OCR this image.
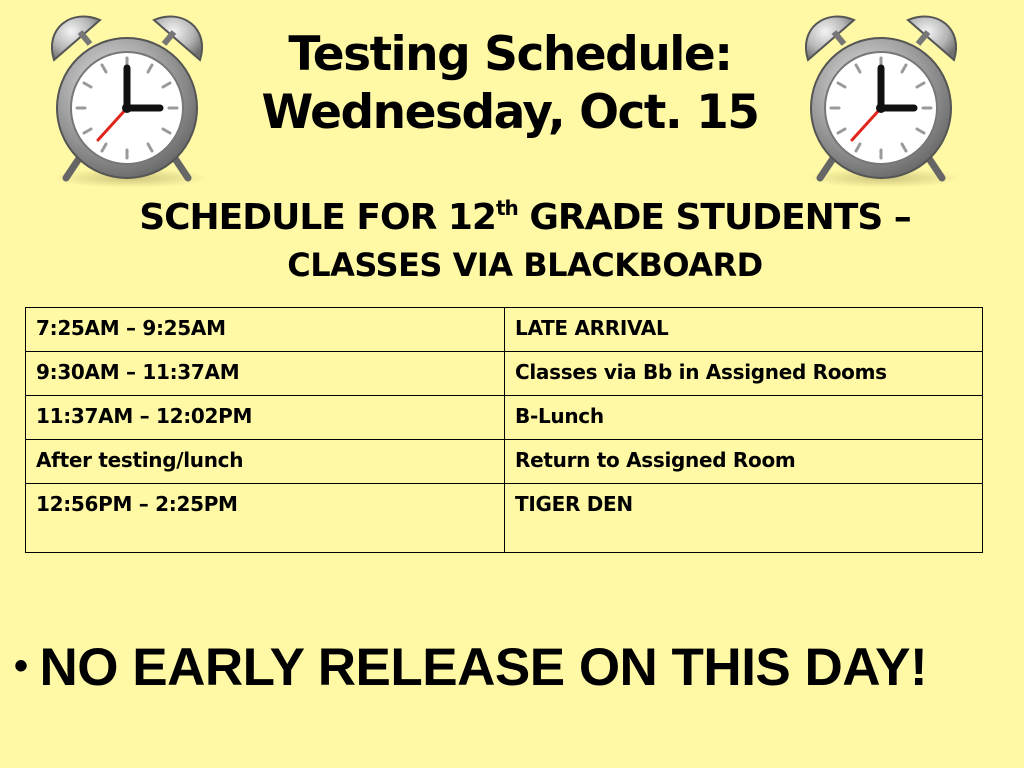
Testing Schedule:
Wednesday, Oct. 15
SCHEDULE FOR 12th GRADE STUDENTS –
CLASSES VIA BLACKBOARD
7:25AM – 9:25AM	LATE ARRIVAL
9:30AM – 11:37AM	Classes via Bb in Assigned Rooms
11:37AM – 12:02PM	B-Lunch
After testing/lunch	Return to Assigned Room
12:56PM – 2:25PM	TIGER DEN
• NO EARLY RELEASE ON THIS DAY!
